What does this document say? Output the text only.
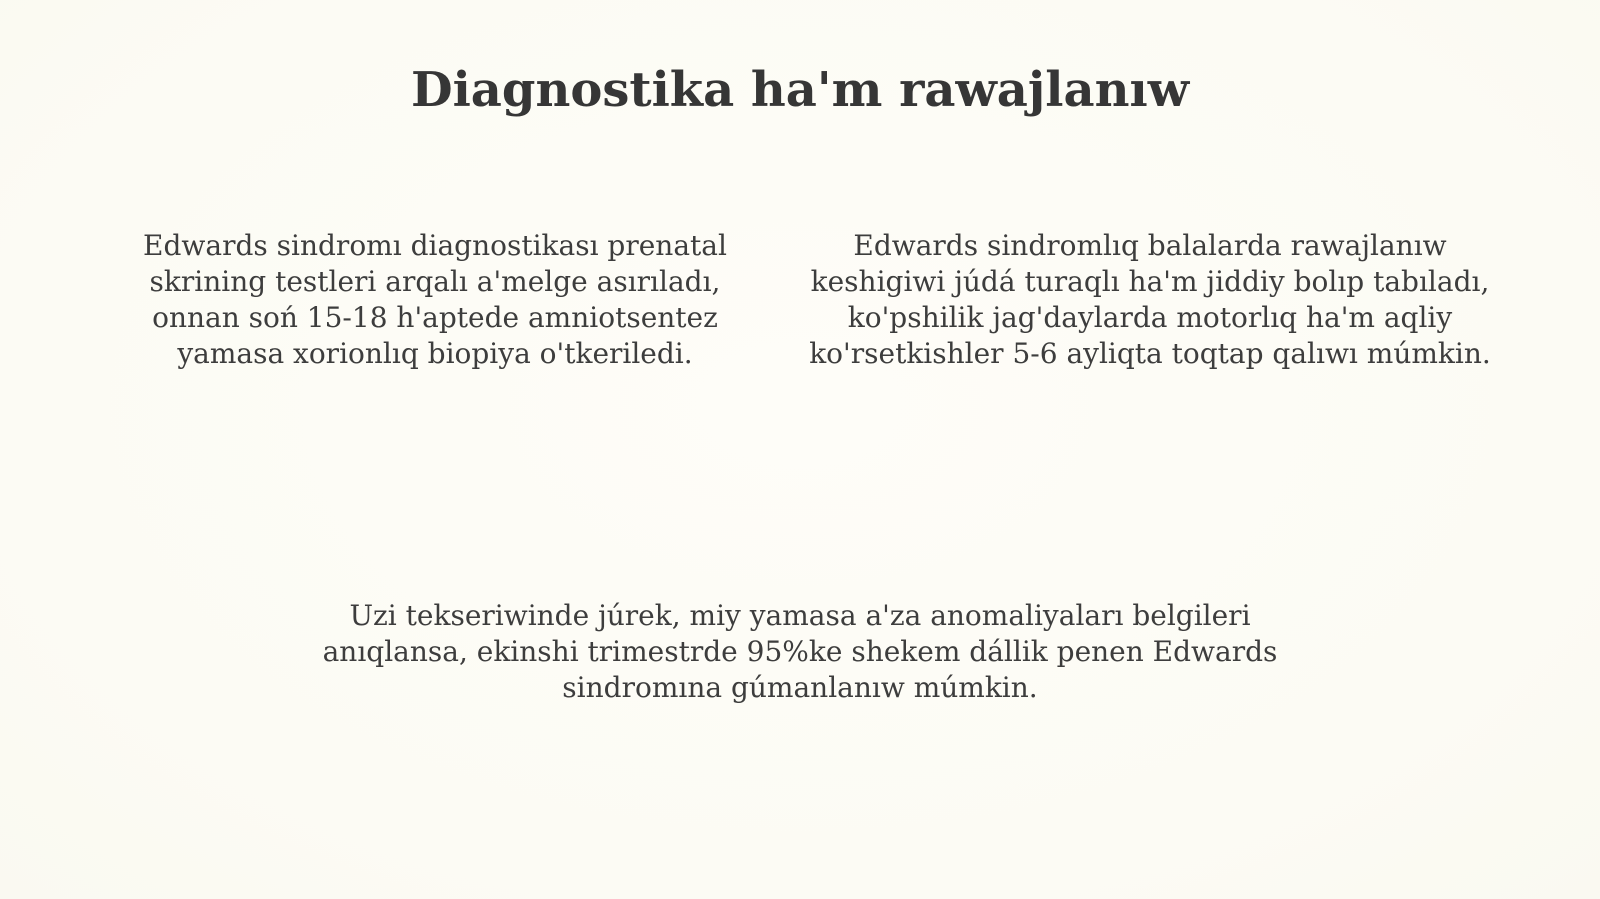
Diagnostika ha'm rawajlanıw

Edwards sindromı diagnostikası prenatal skrining testleri arqalı a'melge asırıladı, onnan soń 15-18 h'aptede amniotsentez yamasa xorionlıq biopiya o'tkeriledi.

Edwards sindromlıq balalarda rawajlanıw keshigiwi júdá turaqlı ha'm jiddiy bolıp tabıladı, ko'pshilik jag'daylarda motorlıq ha'm aqliy ko'rsetkishler 5-6 ayliqta toqtap qalıwı múmkin.

Uzi tekseriwinde júrek, miy yamasa a'za anomaliyaları belgileri anıqlansa, ekinshi trimestrde 95%ke shekem dállik penen Edwards sindromına gúmanlanıw múmkin.
